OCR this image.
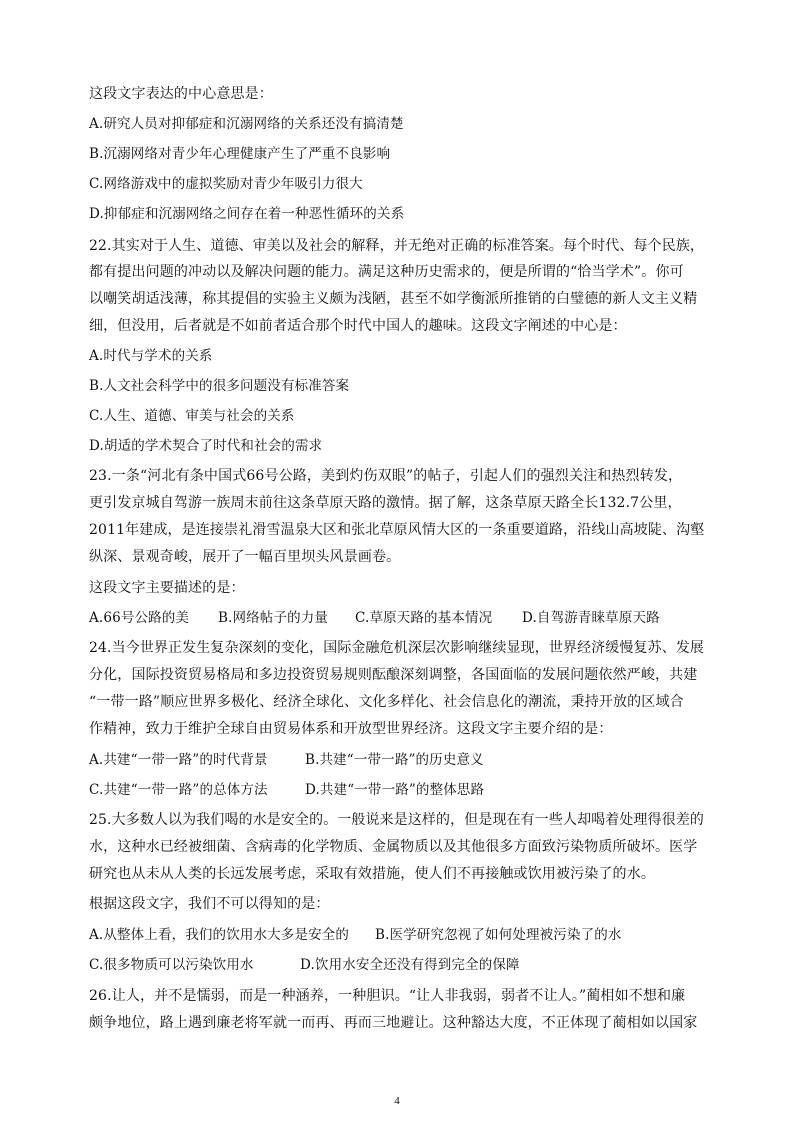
这段文字表达的中心意思是：
A.研究人员对抑郁症和沉溺网络的关系还没有搞清楚
B.沉溺网络对青少年心理健康产生了严重不良影响
C.网络游戏中的虚拟奖励对青少年吸引力很大
D.抑郁症和沉溺网络之间存在着一种恶性循环的关系
22.其实对于人生、道德、审美以及社会的解释，并无绝对正确的标准答案。每个时代、每个民族，
都有提出问题的冲动以及解决问题的能力。满足这种历史需求的，便是所谓的“恰当学术”。你可
以嘲笑胡适浅薄，称其提倡的实验主义颇为浅陋，甚至不如学衡派所推销的白璧德的新人文主义精
细，但没用，后者就是不如前者适合那个时代中国人的趣味。这段文字阐述的中心是：
A.时代与学术的关系
B.人文社会科学中的很多问题没有标准答案
C.人生、道德、审美与社会的关系
D.胡适的学术契合了时代和社会的需求
23.一条“河北有条中国式66号公路，美到灼伤双眼”的帖子，引起人们的强烈关注和热烈转发，
更引发京城自驾游一族周末前往这条草原天路的激情。据了解，这条草原天路全长132.7公里，
2011年建成，是连接崇礼滑雪温泉大区和张北草原风情大区的一条重要道路，沿线山高坡陡、沟壑
纵深、景观奇峻，展开了一幅百里坝头风景画卷。
这段文字主要描述的是：
A.66号公路的美 B.网络帖子的力量 C.草原天路的基本情况 D.自驾游青睐草原天路
24.当今世界正发生复杂深刻的变化，国际金融危机深层次影响继续显现，世界经济缓慢复苏、发展
分化，国际投资贸易格局和多边投资贸易规则酝酿深刻调整，各国面临的发展问题依然严峻，共建
“一带一路”顺应世界多极化、经济全球化、文化多样化、社会信息化的潮流，秉持开放的区域合
作精神，致力于维护全球自由贸易体系和开放型世界经济。这段文字主要介绍的是：
A.共建“一带一路”的时代背景	B.共建“一带一路”的历史意义
C.共建“一带一路”的总体方法	D.共建“一带一路”的整体思路
25.大多数人以为我们喝的水是安全的。一般说来是这样的，但是现在有一些人却喝着处理得很差的
水，这种水已经被细菌、含病毒的化学物质、金属物质以及其他很多方面致污染物质所破坏。医学
研究也从未从人类的长远发展考虑，采取有效措施，使人们不再接触或饮用被污染了的水。
根据这段文字，我们不可以得知的是：
A.从整体上看，我们的饮用水大多是安全的 B.医学研究忽视了如何处理被污染了的水
C.很多物质可以污染饮用水	D.饮用水安全还没有得到完全的保障
26.让人，并不是懦弱，而是一种涵养，一种胆识。“让人非我弱，弱者不让人。”蔺相如不想和廉
颇争地位，路上遇到廉老将军就一而再、再而三地避让。这种豁达大度，不正体现了蔺相如以国家
4
